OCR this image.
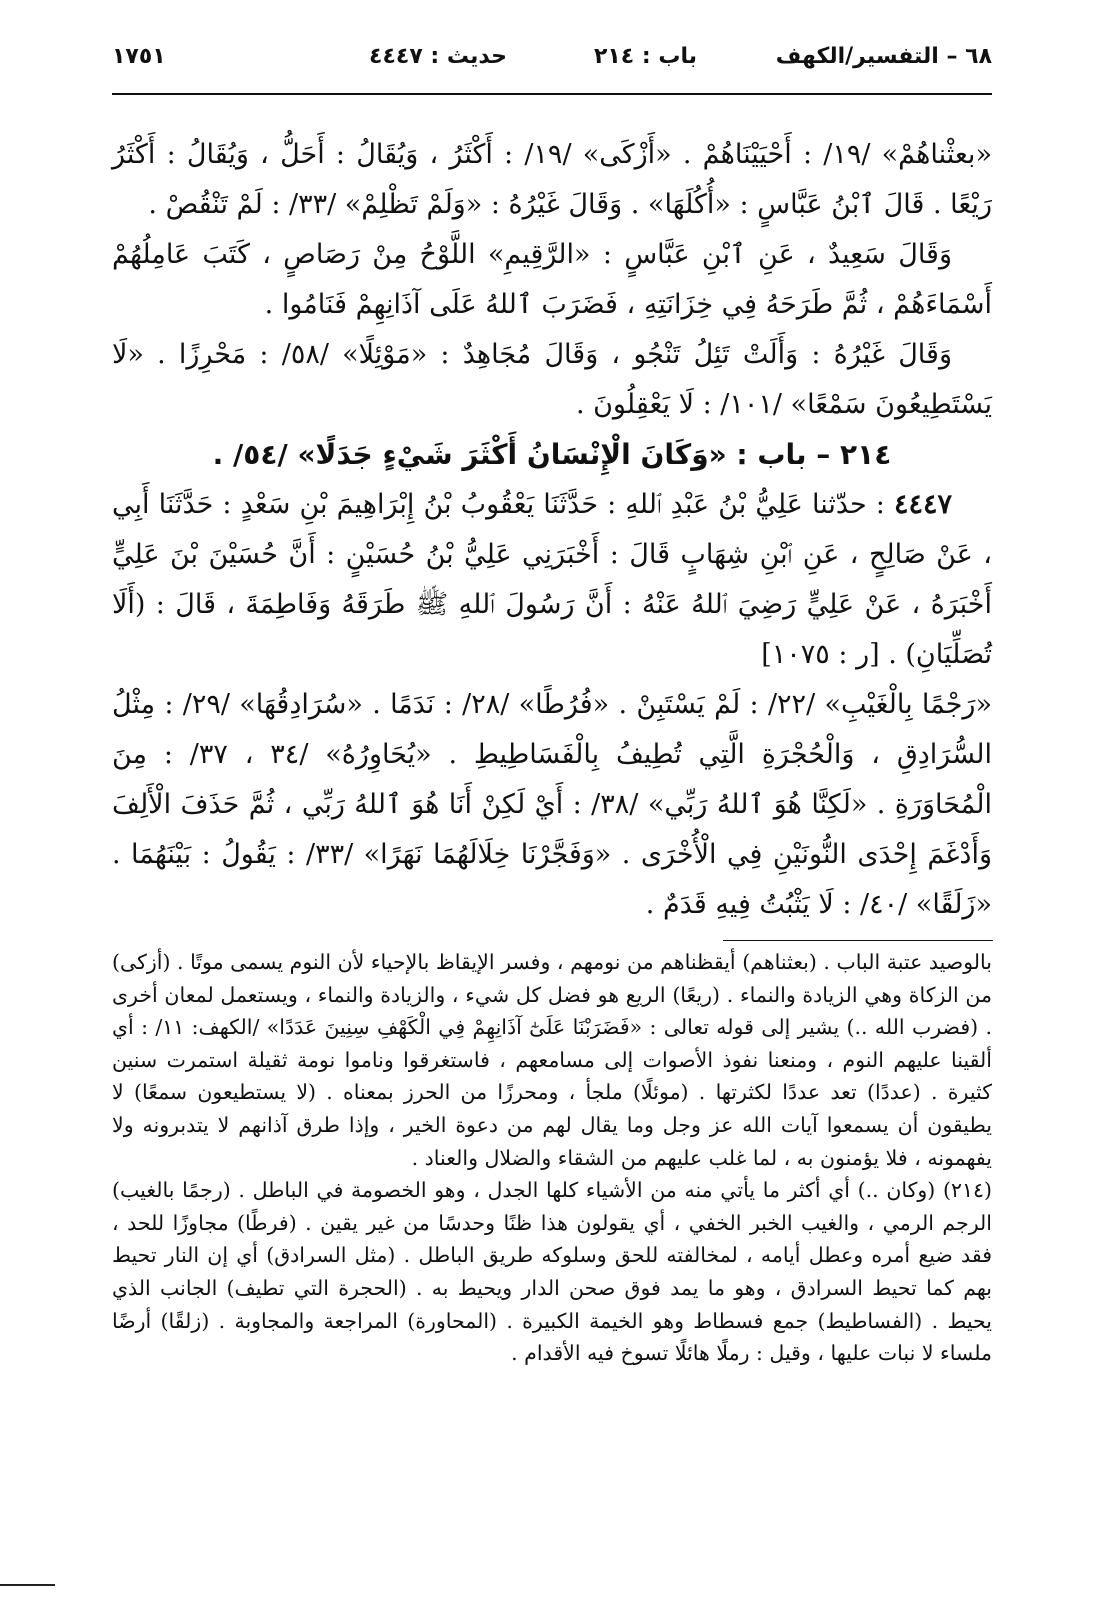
٦٨ – التفسير/الكهف
باب : ٢١٤
حديث : ٤٤٤٧
١٧٥١

«بعثْناهُمْ» /١٩/ : أَحْيَيْنَاهُمْ . «أَزْكَى» /١٩/ : أَكْثَرُ ، وَيُقَالُ : أَحَلُّ ، وَيُقَالُ : أَكْثَرُ رَيْعًا . قَالَ ٱبْنُ عَبَّاسٍ : «أُكُلَهَا» . وَقَالَ غَيْرُهُ : «وَلَمْ تَظْلِمْ» /٣٣/ : لَمْ تَنْقُصْ .

وَقَالَ سَعِيدٌ ، عَنِ ٱبْنِ عَبَّاسٍ : «الرَّقِيمِ» اللَّوْحُ مِنْ رَصَاصٍ ، كَتَبَ عَامِلُهُمْ أَسْمَاءَهُمْ ، ثُمَّ طَرَحَهُ فِي خِزَانَتِهِ ، فَضَرَبَ ٱللهُ عَلَى آذَانِهِمْ فَنَامُوا .

وَقَالَ غَيْرُهُ : وَأَلَتْ تَئِلُ تَنْجُو ، وَقَالَ مُجَاهِدٌ : «مَوْئِلًا» /٥٨/ : مَحْرِزًا . «لَا يَسْتَطِيعُونَ سَمْعًا» /١٠١/ : لَا يَعْقِلُونَ .

٢١٤ – باب : «وَكَانَ الْإِنْسَانُ أَكْثَرَ شَيْءٍ جَدَلًا» /٥٤/ .

٤٤٤٧ : حدّثنا عَلِيُّ بْنُ عَبْدِ ٱللهِ : حَدَّثَنَا يَعْقُوبُ بْنُ إِبْرَاهِيمَ بْنِ سَعْدٍ : حَدَّثَنَا أَبِي ، عَنْ صَالِحٍ ، عَنِ ٱبْنِ شِهَابٍ قَالَ : أَخْبَرَنِي عَلِيُّ بْنُ حُسَيْنٍ : أَنَّ حُسَيْنَ بْنَ عَلِيٍّ أَخْبَرَهُ ، عَنْ عَلِيٍّ رَضِيَ ٱللهُ عَنْهُ : أَنَّ رَسُولَ ٱللهِ ﷺ طَرَقَهُ وَفَاطِمَةَ ، قَالَ : (أَلَا تُصَلِّيَانِ) . [ر : ١٠٧٥]

«رَجْمًا بِالْغَيْبِ» /٢٢/ : لَمْ يَسْتَبِنْ . «فُرُطًا» /٢٨/ : نَدَمًا . «سُرَادِقُهَا» /٢٩/ : مِثْلُ السُّرَادِقِ ، وَالْحُجْرَةِ الَّتِي تُطِيفُ بِالْفَسَاطِيطِ . «يُحَاوِرُهُ» /٣٤ ، ٣٧/ : مِنَ الْمُحَاوَرَةِ . «لَكِنَّا هُوَ ٱللهُ رَبِّي» /٣٨/ : أَيْ لَكِنْ أَنَا هُوَ ٱللهُ رَبِّي ، ثُمَّ حَذَفَ الْأَلِفَ وَأَدْغَمَ إِحْدَى النُّونَيْنِ فِي الْأُخْرَى . «وَفَجَّرْنَا خِلَالَهُمَا نَهَرًا» /٣٣/ : يَقُولُ : بَيْنَهُمَا . «زَلَقًا» /٤٠/ : لَا يَثْبُتُ فِيهِ قَدَمٌ .

بالوصيد عتبة الباب . (بعثناهم) أيقظناهم من نومهم ، وفسر الإيقاظ بالإحياء لأن النوم يسمى موتًا . (أزكى) من الزكاة وهي الزيادة والنماء . (ريعًا) الريع هو فضل كل شيء ، والزيادة والنماء ، ويستعمل لمعان أخرى . (فضرب الله ..) يشير إلى قوله تعالى : «فَضَرَبْنَا عَلَىٰٓ آذَانِهِمْ فِي الْكَهْفِ سِنِينَ عَدَدًا» /الكهف: ١١/ : أي ألقينا عليهم النوم ، ومنعنا نفوذ الأصوات إلى مسامعهم ، فاستغرقوا وناموا نومة ثقيلة استمرت سنين كثيرة . (عددًا) تعد عددًا لكثرتها . (موئلًا) ملجأ ، ومحرزًا من الحرز بمعناه . (لا يستطيعون سمعًا) لا يطيقون أن يسمعوا آيات الله عز وجل وما يقال لهم من دعوة الخير ، وإذا طرق آذانهم لا يتدبرونه ولا يفهمونه ، فلا يؤمنون به ، لما غلب عليهم من الشقاء والضلال والعناد .

(٢١٤) (وكان ..) أي أكثر ما يأتي منه من الأشياء كلها الجدل ، وهو الخصومة في الباطل . (رجمًا بالغيب) الرجم الرمي ، والغيب الخبر الخفي ، أي يقولون هذا ظنًا وحدسًا من غير يقين . (فرطًا) مجاوزًا للحد ، فقد ضيع أمره وعطل أيامه ، لمخالفته للحق وسلوكه طريق الباطل . (مثل السرادق) أي إن النار تحيط بهم كما تحيط السرادق ، وهو ما يمد فوق صحن الدار ويحيط به . (الحجرة التي تطيف) الجانب الذي يحيط . (الفساطيط) جمع فسطاط وهو الخيمة الكبيرة . (المحاورة) المراجعة والمجاوبة . (زلقًا) أرضًا ملساء لا نبات عليها ، وقيل : رملًا هائلًا تسوخ فيه الأقدام .
